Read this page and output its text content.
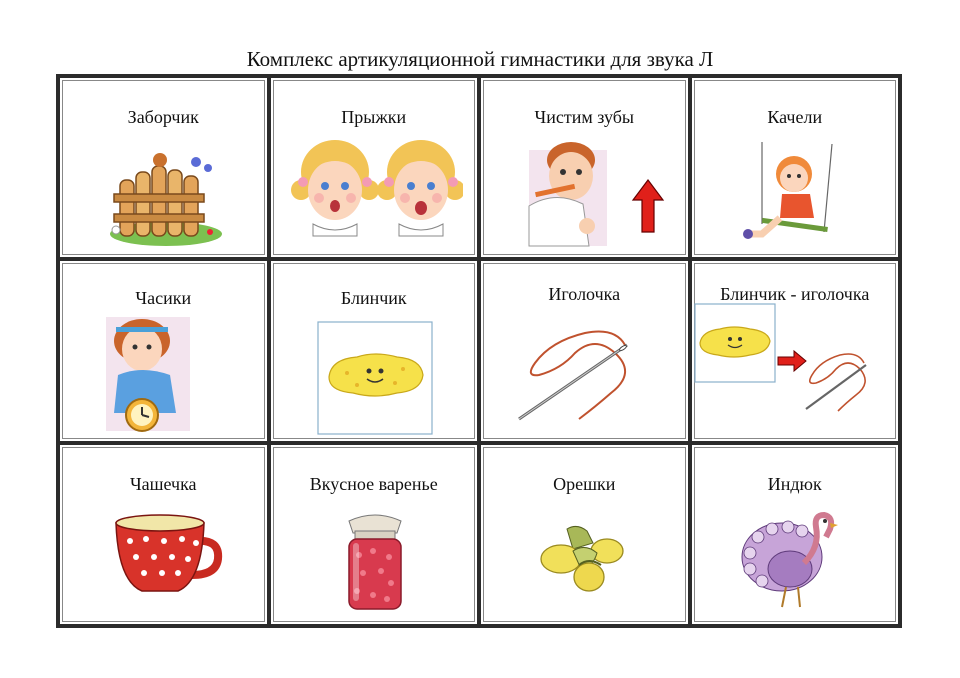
Комплекс артикуляционной гимнастики для звука Л
Заборчик	Прыжки	Чистим зубы	Качели
Часики	Блинчик	Иголочка	Блинчик - иголочка
Чашечка	Вкусное варенье	Орешки	Индюк
